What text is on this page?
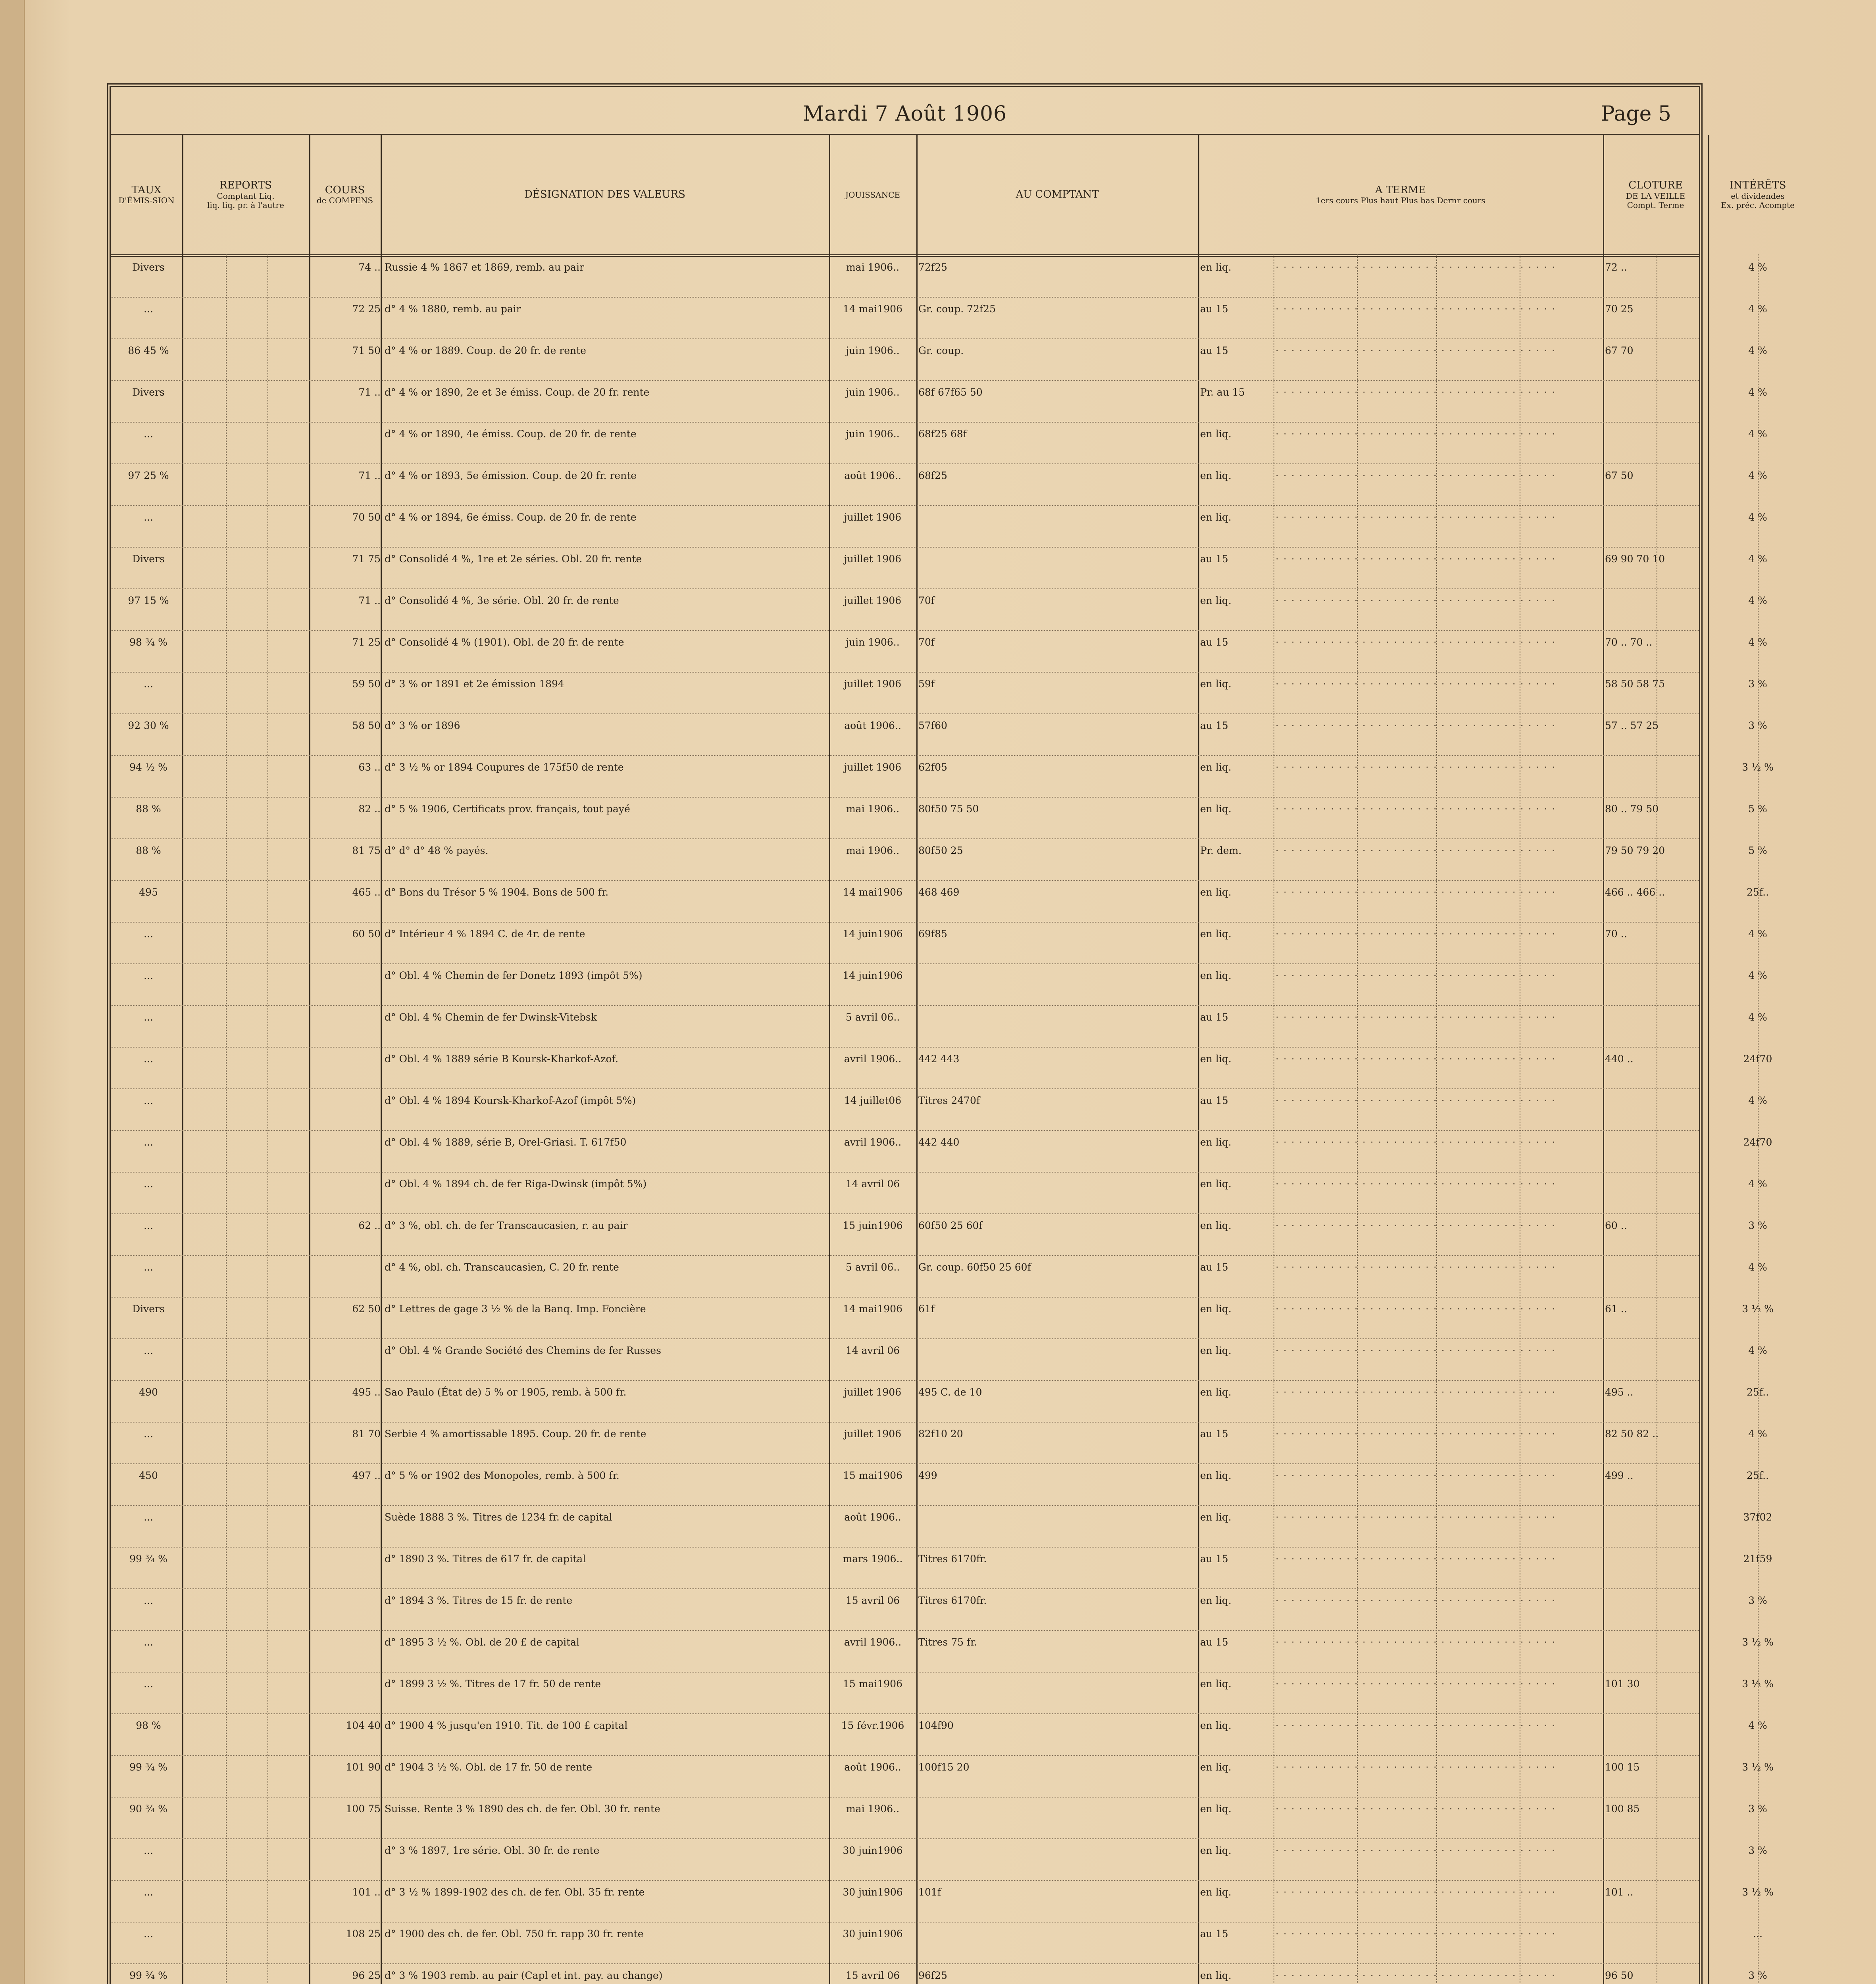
Mardi 7 Août 1906	Page 5
TAUX
D'ÉMIS-SION
REPORTS
Comptant Liq.
liq. liq. pr. à l'autre
COURS
de COMPENS
DÉSIGNATION DES VALEURS	JOUISSANCE	AU COMPTANT	A TERME
1ers cours Plus haut Plus bas Dernr cours
CLOTURE
DE LA VEILLE
Compt. Terme
INTÉRÊTS
et dividendes
Ex. préc. Acompte
Divers	74 .. Russie 4 % 1867 et 1869, remb. au pair	mai 1906..	72f25	en liq.	72 ..	4 %
· · · · · · · · · · · · · · · · · · · · · · · · · · · · · · · · · · · ·
...	72 25 d° 4 % 1880, remb. au pair	14 mai1906	Gr. coup. 72f25	au 15	70 25	4 %
· · · · · · · · · · · · · · · · · · · · · · · · · · · · · · · · · · · ·
86 45 %	71 50 d° 4 % or 1889. Coup. de 20 fr. de rente	juin 1906..	Gr. coup.	au 15	67 70	4 %
· · · · · · · · · · · · · · · · · · · · · · · · · · · · · · · · · · · ·
Divers	71 .. d° 4 % or 1890, 2e et 3e émiss. Coup. de 20 fr. rente	juin 1906..	68f 67f65 50	Pr. au 15	4 %
· · · · · · · · · · · · · · · · · · · · · · · · · · · · · · · · · · · ·
...	d° 4 % or 1890, 4e émiss. Coup. de 20 fr. de rente	juin 1906..	68f25 68f	en liq.	4 %
· · · · · · · · · · · · · · · · · · · · · · · · · · · · · · · · · · · ·
97 25 %	71 .. d° 4 % or 1893, 5e émission. Coup. de 20 fr. rente	août 1906..	68f25	en liq.	67 50	4 %
· · · · · · · · · · · · · · · · · · · · · · · · · · · · · · · · · · · ·
...	70 50 d° 4 % or 1894, 6e émiss. Coup. de 20 fr. de rente	juillet 1906	en liq.	4 %
· · · · · · · · · · · · · · · · · · · · · · · · · · · · · · · · · · · ·
Divers	71 75 d° Consolidé 4 %, 1re et 2e séries. Obl. 20 fr. rente	juillet 1906	au 15	69 90 70 10	4 %
· · · · · · · · · · · · · · · · · · · · · · · · · · · · · · · · · · · ·
97 15 %	71 .. d° Consolidé 4 %, 3e série. Obl. 20 fr. de rente	juillet 1906	70f	en liq.	4 %
· · · · · · · · · · · · · · · · · · · · · · · · · · · · · · · · · · · ·
98 ¾ %	71 25 d° Consolidé 4 % (1901). Obl. de 20 fr. de rente	juin 1906..	70f	au 15	70 .. 70 ..	4 %
· · · · · · · · · · · · · · · · · · · · · · · · · · · · · · · · · · · ·
...	59 50 d° 3 % or 1891 et 2e émission 1894	juillet 1906	59f	en liq.	58 50 58 75	3 %
· · · · · · · · · · · · · · · · · · · · · · · · · · · · · · · · · · · ·
92 30 %	58 50 d° 3 % or 1896	août 1906..	57f60	au 15	57 .. 57 25	3 %
· · · · · · · · · · · · · · · · · · · · · · · · · · · · · · · · · · · ·
94 ½ %	63 .. d° 3 ½ % or 1894 Coupures de 175f50 de rente	juillet 1906	62f05	en liq.	3 ½ %
· · · · · · · · · · · · · · · · · · · · · · · · · · · · · · · · · · · ·
88 %	82 .. d° 5 % 1906, Certificats prov. français, tout payé	mai 1906..	80f50 75 50	en liq.	80 .. 79 50	5 %
· · · · · · · · · · · · · · · · · · · · · · · · · · · · · · · · · · · ·
88 %	81 75 d° d° d° 48 % payés.	mai 1906..	80f50 25	Pr. dem.	79 50 79 20	5 %
· · · · · · · · · · · · · · · · · · · · · · · · · · · · · · · · · · · ·
495	465 .. d° Bons du Trésor 5 % 1904. Bons de 500 fr.	14 mai1906	468 469	en liq.	466 .. 466 ..	25f..
· · · · · · · · · · · · · · · · · · · · · · · · · · · · · · · · · · · ·
...	60 50 d° Intérieur 4 % 1894 C. de 4r. de rente	14 juin1906	69f85	en liq.	70 ..	4 %
· · · · · · · · · · · · · · · · · · · · · · · · · · · · · · · · · · · ·
...	d° Obl. 4 % Chemin de fer Donetz 1893 (impôt 5%)	14 juin1906	en liq.	4 %
· · · · · · · · · · · · · · · · · · · · · · · · · · · · · · · · · · · ·
...	d° Obl. 4 % Chemin de fer Dwinsk-Vitebsk	5 avril 06..	au 15	4 %
· · · · · · · · · · · · · · · · · · · · · · · · · · · · · · · · · · · ·
...	d° Obl. 4 % 1889 série B Koursk-Kharkof-Azof.	avril 1906..	442 443	en liq.	440 ..	24f70
· · · · · · · · · · · · · · · · · · · · · · · · · · · · · · · · · · · ·
...	d° Obl. 4 % 1894 Koursk-Kharkof-Azof (impôt 5%)	14 juillet06	Titres 2470f	au 15	4 %
· · · · · · · · · · · · · · · · · · · · · · · · · · · · · · · · · · · ·
...	d° Obl. 4 % 1889, série B, Orel-Griasi. T. 617f50	avril 1906..	442 440	en liq.	24f70
· · · · · · · · · · · · · · · · · · · · · · · · · · · · · · · · · · · ·
...	d° Obl. 4 % 1894 ch. de fer Riga-Dwinsk (impôt 5%)	14 avril 06	en liq.	4 %
· · · · · · · · · · · · · · · · · · · · · · · · · · · · · · · · · · · ·
...	62 .. d° 3 %, obl. ch. de fer Transcaucasien, r. au pair	15 juin1906	60f50 25 60f	en liq.	60 ..	3 %
· · · · · · · · · · · · · · · · · · · · · · · · · · · · · · · · · · · ·
...	d° 4 %, obl. ch. Transcaucasien, C. 20 fr. rente	5 avril 06..	Gr. coup. 60f50 25 60f	au 15	4 %
· · · · · · · · · · · · · · · · · · · · · · · · · · · · · · · · · · · ·
Divers	62 50 d° Lettres de gage 3 ½ % de la Banq. Imp. Foncière	14 mai1906	61f	en liq.	61 ..	3 ½ %
· · · · · · · · · · · · · · · · · · · · · · · · · · · · · · · · · · · ·
...	d° Obl. 4 % Grande Société des Chemins de fer Russes	14 avril 06	en liq.	4 %
· · · · · · · · · · · · · · · · · · · · · · · · · · · · · · · · · · · ·
490	495 .. Sao Paulo (État de) 5 % or 1905, remb. à 500 fr.	juillet 1906	495 C. de 10	en liq.	495 ..	25f..
· · · · · · · · · · · · · · · · · · · · · · · · · · · · · · · · · · · ·
...	81 70 Serbie 4 % amortissable 1895. Coup. 20 fr. de rente	juillet 1906	82f10 20	au 15	82 50 82 ..	4 %
· · · · · · · · · · · · · · · · · · · · · · · · · · · · · · · · · · · ·
450	497 .. d° 5 % or 1902 des Monopoles, remb. à 500 fr.	15 mai1906	499	en liq.	499 ..	25f..
· · · · · · · · · · · · · · · · · · · · · · · · · · · · · · · · · · · ·
...	Suède 1888 3 %. Titres de 1234 fr. de capital	août 1906..	en liq.	37f02
· · · · · · · · · · · · · · · · · · · · · · · · · · · · · · · · · · · ·
99 ¾ %	d° 1890 3 %. Titres de 617 fr. de capital	mars 1906..	Titres 6170fr.	au 15	21f59
· · · · · · · · · · · · · · · · · · · · · · · · · · · · · · · · · · · ·
...	d° 1894 3 %. Titres de 15 fr. de rente	15 avril 06	Titres 6170fr.	en liq.	3 %
· · · · · · · · · · · · · · · · · · · · · · · · · · · · · · · · · · · ·
...	d° 1895 3 ½ %. Obl. de 20 £ de capital	avril 1906..	Titres 75 fr.	au 15	3 ½ %
· · · · · · · · · · · · · · · · · · · · · · · · · · · · · · · · · · · ·
...	d° 1899 3 ½ %. Titres de 17 fr. 50 de rente	15 mai1906	en liq.	101 30	3 ½ %
· · · · · · · · · · · · · · · · · · · · · · · · · · · · · · · · · · · ·
98 %	104 40 d° 1900 4 % jusqu'en 1910. Tit. de 100 £ capital	15 févr.1906	104f90	en liq.	4 %
· · · · · · · · · · · · · · · · · · · · · · · · · · · · · · · · · · · ·
99 ¾ %	101 90 d° 1904 3 ½ %. Obl. de 17 fr. 50 de rente	août 1906..	100f15 20	en liq.	100 15	3 ½ %
· · · · · · · · · · · · · · · · · · · · · · · · · · · · · · · · · · · ·
90 ¾ %	100 75 Suisse. Rente 3 % 1890 des ch. de fer. Obl. 30 fr. rente	mai 1906..	en liq.	100 85	3 %
· · · · · · · · · · · · · · · · · · · · · · · · · · · · · · · · · · · ·
...	d° 3 % 1897, 1re série. Obl. 30 fr. de rente	30 juin1906	en liq.	3 %
· · · · · · · · · · · · · · · · · · · · · · · · · · · · · · · · · · · ·
...	101 .. d° 3 ½ % 1899-1902 des ch. de fer. Obl. 35 fr. rente	30 juin1906	101f	en liq.	101 ..	3 ½ %
· · · · · · · · · · · · · · · · · · · · · · · · · · · · · · · · · · · ·
...	108 25 d° 1900 des ch. de fer. Obl. 750 fr. rapp 30 fr. rente	30 juin1906	au 15	...
· · · · · · · · · · · · · · · · · · · · · · · · · · · · · · · · · · · ·
99 ¾ %	96 25 d° 3 % 1903 remb. au pair (Capl et int. pay. au change)	15 avril 06	96f25	en liq.	96 50	3 %
· · · · · · · · · · · · · · · · · · · · · · · · · · · · · · · · · · · ·
